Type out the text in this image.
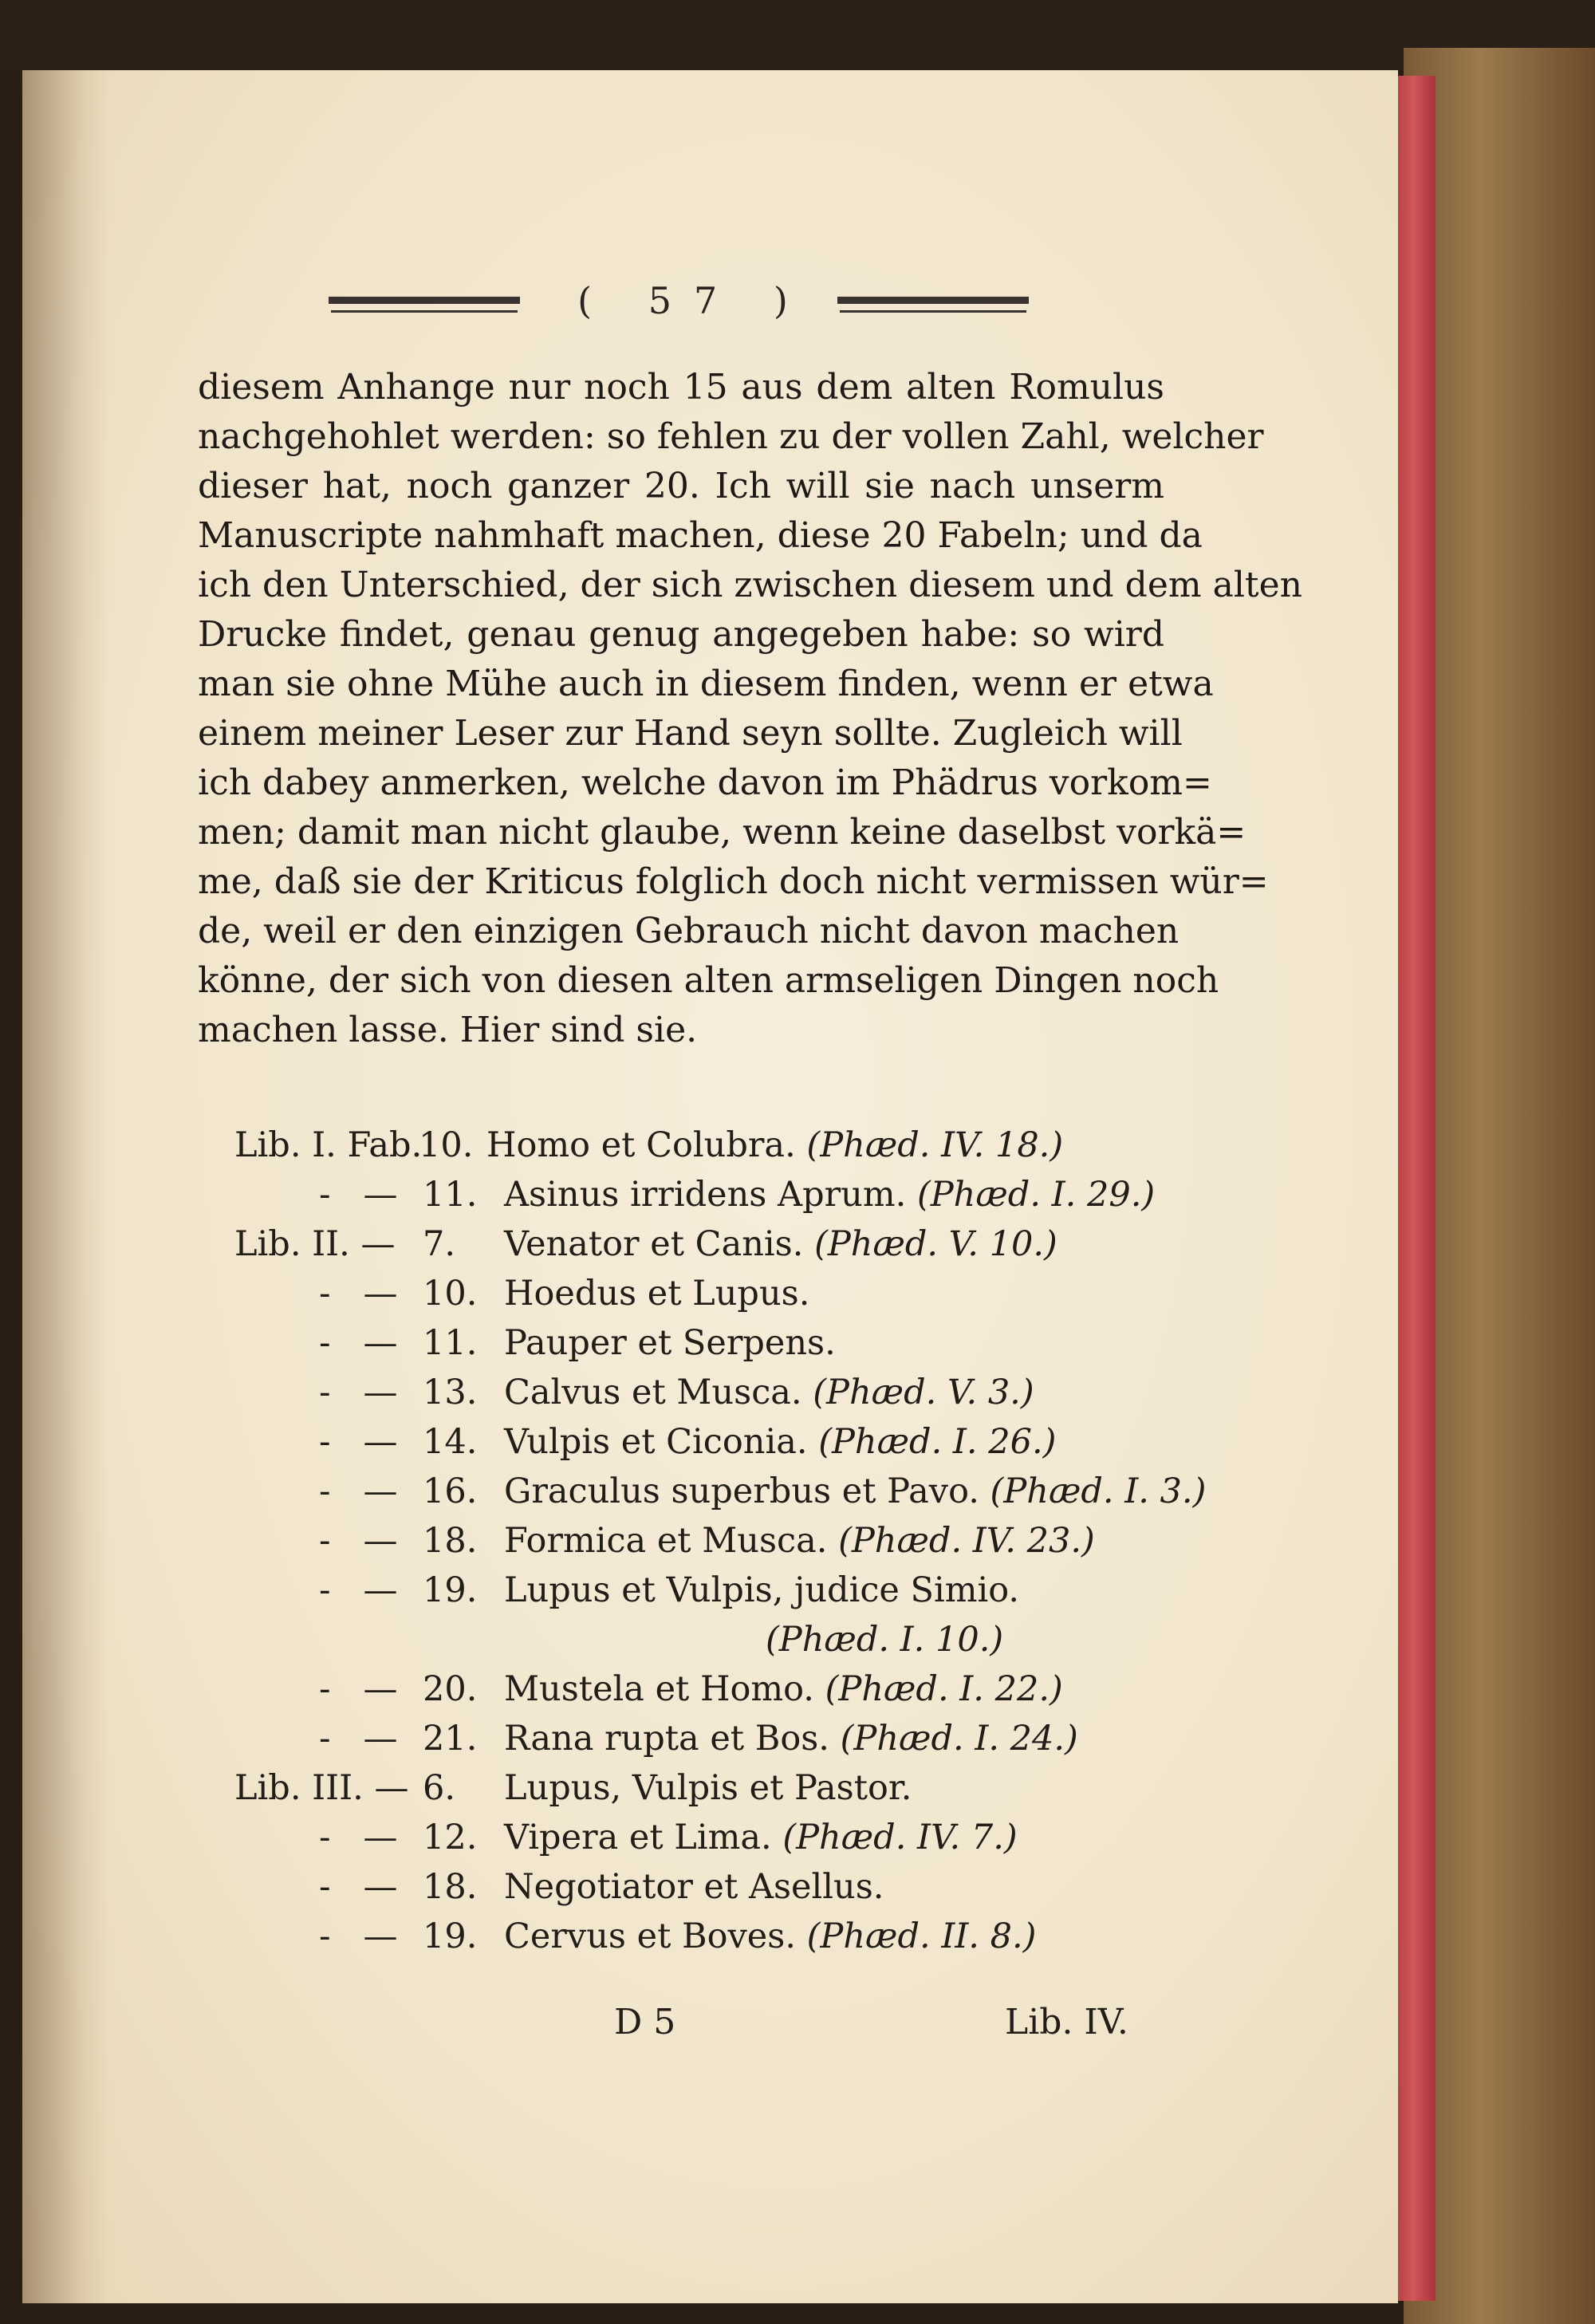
( 57 )
diesem Anhange nur noch 15 aus dem alten Romulus
nachgehohlet werden: so fehlen zu der vollen Zahl, welcher
dieser hat, noch ganzer 20. Ich will sie nach unserm
Manuscripte nahmhaft machen, diese 20 Fabeln; und da
ich den Unterschied, der sich zwischen diesem und dem alten
Drucke findet, genau genug angegeben habe: so wird
man sie ohne Mühe auch in diesem finden, wenn er etwa
einem meiner Leser zur Hand seyn sollte. Zugleich will
ich dabey anmerken, welche davon im Phädrus vorkom=
men; damit man nicht glaube, wenn keine daselbst vorkä=
me, daß sie der Kriticus folglich doch nicht vermissen wür=
de, weil er den einzigen Gebrauch nicht davon machen
könne, der sich von diesen alten armseligen Dingen noch
machen lasse. Hier sind sie.
Lib. I. Fab.
10. Homo et Colubra. (Phæd. IV. 18.)
-   — 11. Asinus irridens Aprum. (Phæd. I. 29.)
Lib. II. — 7. Venator et Canis. (Phæd. V. 10.)
-   — 10. Hoedus et Lupus.
-   — 11. Pauper et Serpens.
-   — 13. Calvus et Musca. (Phæd. V. 3.)
-   — 14. Vulpis et Ciconia. (Phæd. I. 26.)
-   — 16. Graculus superbus et Pavo. (Phæd. I. 3.)
-   — 18. Formica et Musca. (Phæd. IV. 23.)
-   — 19. Lupus et Vulpis, judice Simio.
(Phæd. I. 10.)
-   — 20. Mustela et Homo. (Phæd. I. 22.)
-   — 21. Rana rupta et Bos. (Phæd. I. 24.)
Lib. III. — 6. Lupus, Vulpis et Pastor.
-   — 12. Vipera et Lima. (Phæd. IV. 7.)
-   — 18. Negotiator et Asellus.
-   — 19. Cervus et Boves. (Phæd. II. 8.)
D 5	Lib. IV.
